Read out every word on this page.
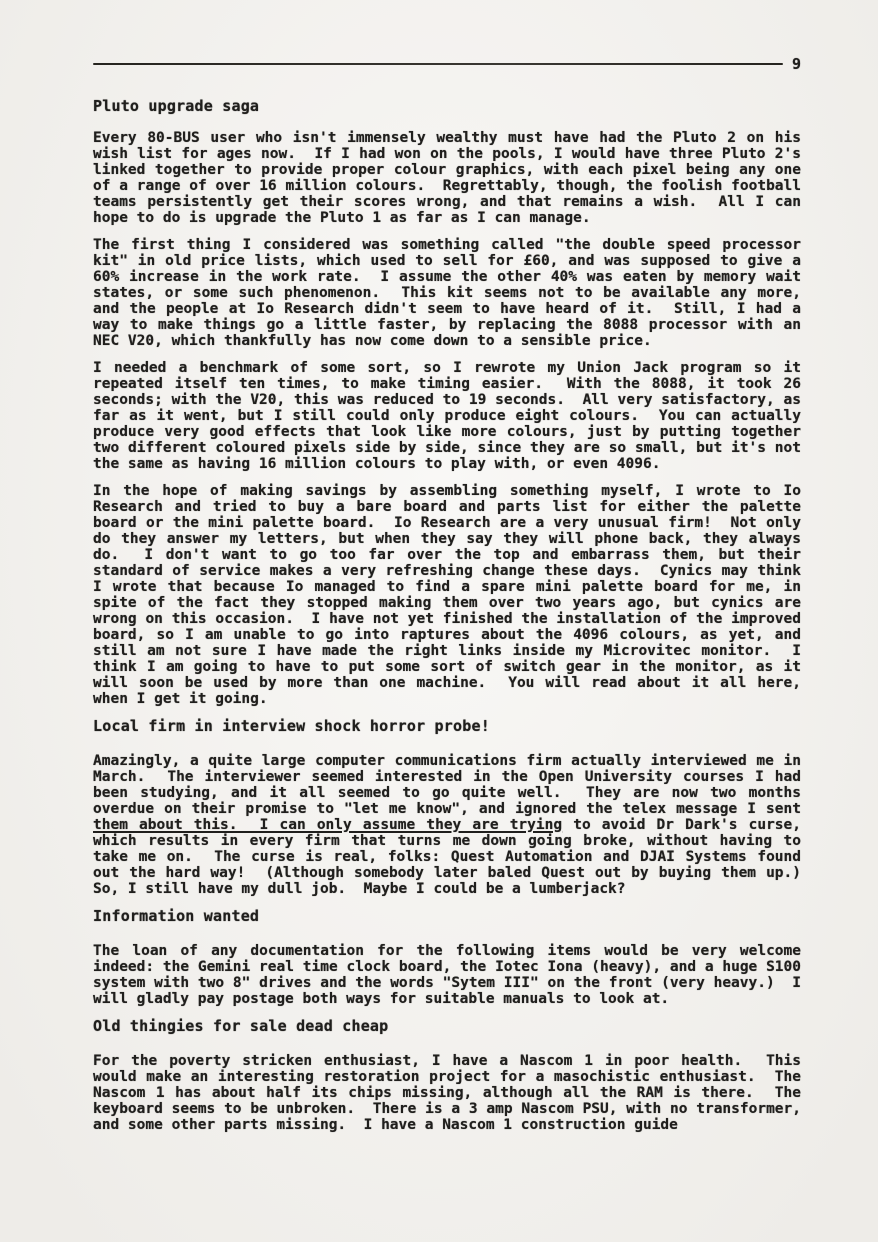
9
Pluto upgrade saga

Every 80-BUS user who isn't immensely wealthy must have had the Pluto 2 on his wish list for ages now.  If I had won on the pools, I would have three Pluto 2's linked together to provide proper colour graphics, with each pixel being any one of a range of over 16 million colours.  Regrettably, though, the foolish football teams persistently get their scores wrong, and that remains a wish.  All I can hope to do is upgrade the Pluto 1 as far as I can manage.

The first thing I considered was something called "the double speed processor kit" in old price lists, which used to sell for £60, and was supposed to give a 60% increase in the work rate.  I assume the other 40% was eaten by memory wait states, or some such phenomenon.  This kit seems not to be available any more, and the people at Io Research didn't seem to have heard of it.  Still, I had a way to make things go a little faster, by replacing the 8088 processor with an NEC V20, which thankfully has now come down to a sensible price.

I needed a benchmark of some sort, so I rewrote my Union Jack program so it repeated itself ten times, to make timing easier.  With the 8088, it took 26 seconds; with the V20, this was reduced to 19 seconds.  All very satisfactory, as far as it went, but I still could only produce eight colours.  You can actually produce very good effects that look like more colours, just by putting together two different coloured pixels side by side, since they are so small, but it's not the same as having 16 million colours to play with, or even 4096.

In the hope of making savings by assembling something myself, I wrote to Io Research and tried to buy a bare board and parts list for either the palette board or the mini palette board.  Io Research are a very unusual firm!  Not only do they answer my letters, but when they say they will phone back, they always do.  I don't want to go too far over the top and embarrass them, but their standard of service makes a very refreshing change these days.  Cynics may think I wrote that because Io managed to find a spare mini palette board for me, in spite of the fact they stopped making them over two years ago, but cynics are wrong on this occasion.  I have not yet finished the installation of the improved board, so I am unable to go into raptures about the 4096 colours, as yet, and still am not sure I have made the right links inside my Microvitec monitor.  I think I am going to have to put some sort of switch gear in the monitor, as it will soon be used by more than one machine.  You will read about it all here, when I get it going.

Local firm in interview shock horror probe!

Amazingly, a quite large computer communications firm actually interviewed me in March.  The interviewer seemed interested in the Open University courses I had been studying, and it all seemed to go quite well.  They are now two months overdue on their promise to "let me know", and ignored the telex message I sent them about this.  I can only assume they are trying to avoid Dr Dark's curse, which results in every firm that turns me down going broke, without having to take me on.  The curse is real, folks: Quest Automation and DJAI Systems found out the hard way!  (Although somebody later baled Quest out by buying them up.)  So, I still have my dull job.  Maybe I could be a lumberjack?

Information wanted

The loan of any documentation for the following items would be very welcome indeed: the Gemini real time clock board, the Iotec Iona (heavy), and a huge S100 system with two 8" drives and the words "Sytem III" on the front (very heavy.)  I will gladly pay postage both ways for suitable manuals to look at.

Old thingies for sale dead cheap

For the poverty stricken enthusiast, I have a Nascom 1 in poor health.  This would make an interesting restoration project for a masochistic enthusiast.  The Nascom 1 has about half its chips missing, although all the RAM is there.  The keyboard seems to be unbroken.  There is a 3 amp Nascom PSU, with no transformer, and some other parts missing.  I have a Nascom 1 construction guide
